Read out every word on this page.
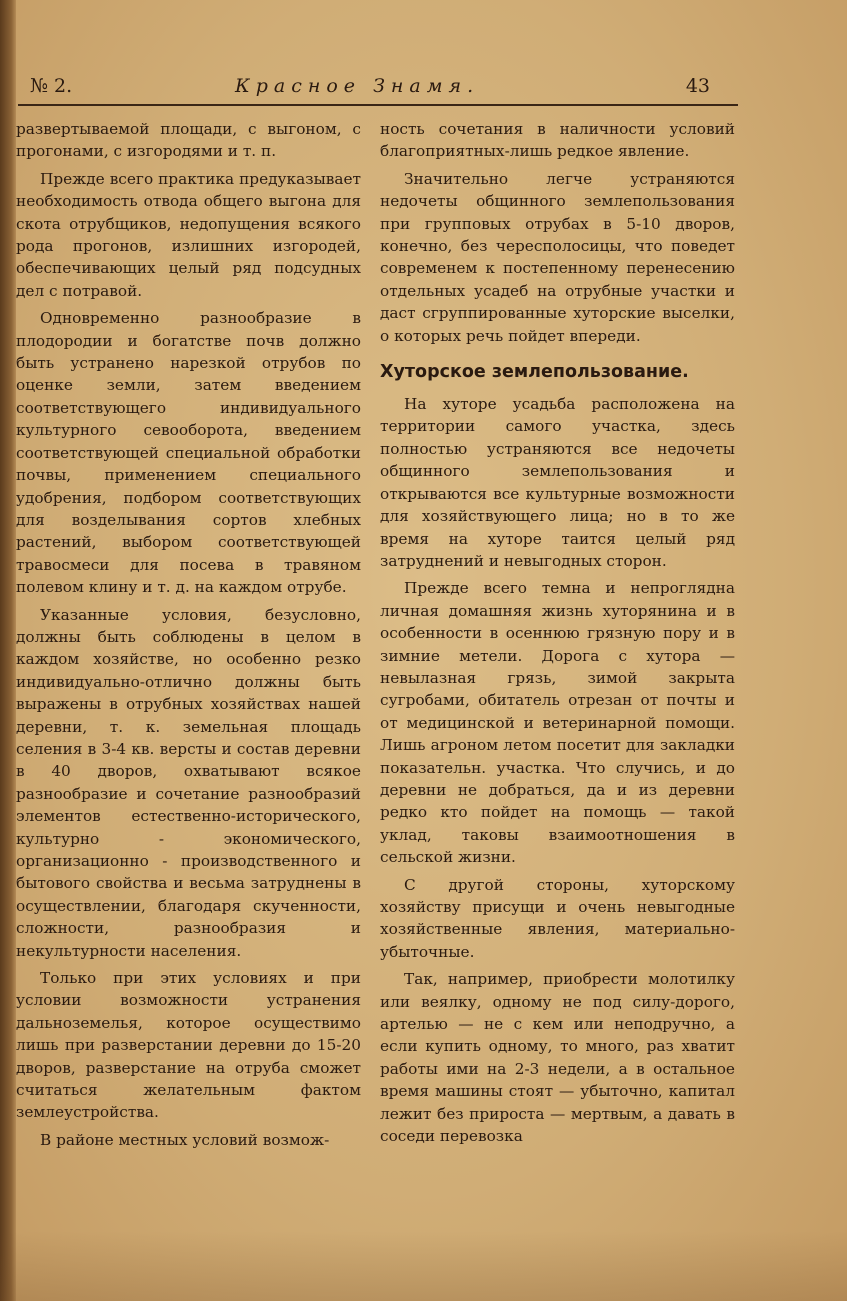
№ 2.	Красное Знамя.	43

развертываемой площади, с выгоном, с прогонами, с изгородями и т. п.

Прежде всего практика предуказывает необходимость отвода общего выгона для скота отрубщиков, недопущения всякого рода прогонов, излишних изгородей, обеспечивающих целый ряд подсудных дел с потравой.

Одновременно разнообразие в плодородии и богатстве почв должно быть устранено нарезкой отрубов по оценке земли, затем введением соответствующего индивидуального культурного севооборота, введением соответствующей специальной обработки почвы, применением специального удобрения, подбором соответствующих для возделывания сортов хлебных растений, выбором соответствующей травосмеси для посева в травяном полевом клину и т. д. на каждом отрубе.

Указанные условия, безусловно, должны быть соблюдены в целом в каждом хозяйстве, но особенно резко индивидуально-отлично должны быть выражены в отрубных хозяйствах нашей деревни, т. к. земельная площадь селения в 3-4 кв. версты и состав деревни в 40 дворов, охватывают всякое разнообразие и сочетание разнообразий элементов естественно-исторического, культурно - экономического, организационно - производственного и бытового свойства и весьма затруднены в осуществлении, благодаря скученности, сложности, разнообразия и некультурности населения.

Только при этих условиях и при условии возможности устранения дальноземелья, которое осуществимо лишь при разверстании деревни до 15-20 дворов, разверстание на отруба сможет считаться желательным фактом землеустройства.

В районе местных условий возмож-

ность сочетания в наличности условий благоприятных-лишь редкое явление.

Значительно легче устраняются недочеты общинного землепользования при групповых отрубах в 5-10 дворов, конечно, без чересполосицы, что поведет современем к постепенному перенесению отдельных усадеб на отрубные участки и даст сгруппированные хуторские выселки, о которых речь пойдет впереди.

Хуторское землепользование.

На хуторе усадьба расположена на территории самого участка, здесь полностью устраняются все недочеты общинного землепользования и открываются все культурные возможности для хозяйствующего лица; но в то же время на хуторе таится целый ряд затруднений и невыгодных сторон.

Прежде всего темна и непроглядна личная домашняя жизнь хуторянина и в особенности в осеннюю грязную пору и в зимние метели. Дорога с хутора — невылазная грязь, зимой закрыта сугробами, обитатель отрезан от почты и от медицинской и ветеринарной помощи. Лишь агроном летом посетит для закладки показательн. участка. Что случись, и до деревни не добраться, да и из деревни редко кто пойдет на помощь — такой уклад, таковы взаимоотношения в сельской жизни.

С другой стороны, хуторскому хозяйству присущи и очень невыгодные хозяйственные явления, материально-убыточные.

Так, например, приобрести молотилку или веялку, одному не под силу-дорого, артелью — не с кем или неподручно, а если купить одному, то много, раз хватит работы ими на 2-3 недели, а в остальное время машины стоят — убыточно, капитал лежит без прироста — мертвым, а давать в соседи перевозка
